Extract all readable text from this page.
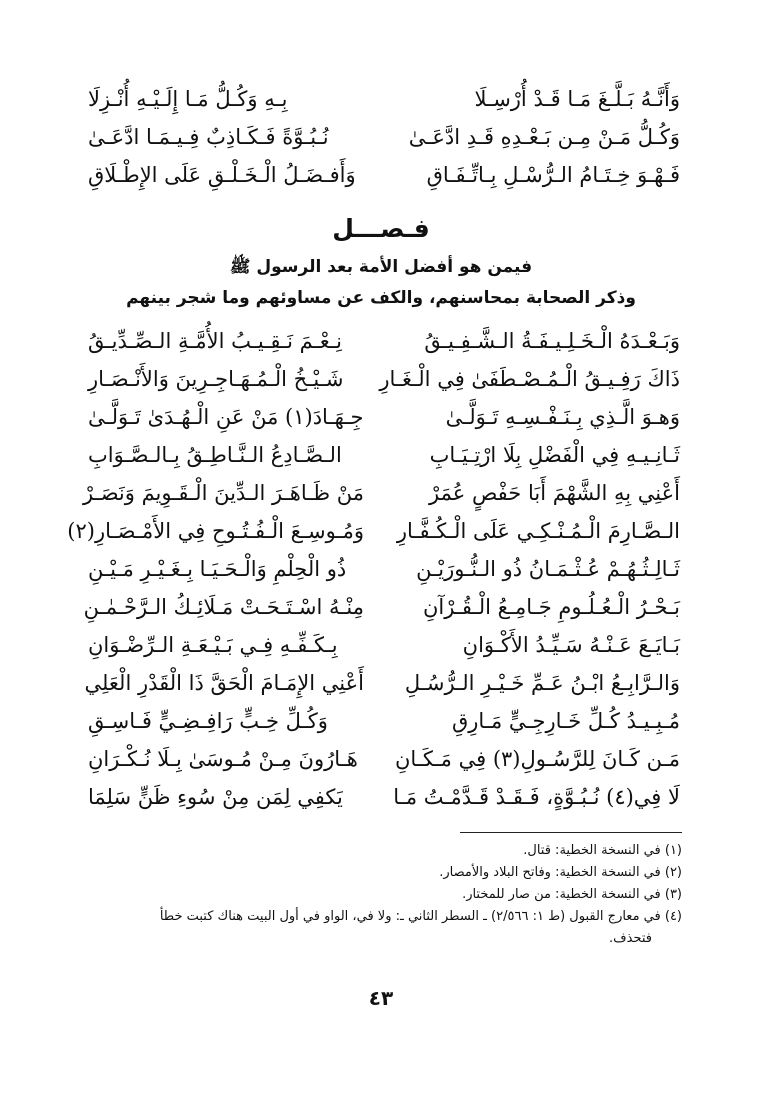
وَأَنَّـهُ بَـلَّـغَ مَـا قَـدْ أُرْسِـلَا
بِـهِ وَكُـلُّ مَـا إِلَـيْـهِ أُنْـزِلَا
وَكُـلُّ مَـنْ مِـن بَـعْـدِهِ قَـدِ ادَّعَـىٰ
نُـبُـوَّةً فَـكَـاذِبٌ فِـيـمَـا ادَّعَـىٰ
فَـهْـوَ خِـتَـامُ الـرُّسْـلِ بِـاتِّـفَـاقِ
وَأَفـضَـلُ الْـخَـلْـقِ عَلَى الإِطْـلَاقِ
فـصـــل
فيمن هو أفضل الأمة بعد الرسول ﷺ
وذكر الصحابة بمحاسنهم، والكف عن مساوئهم وما شجر بينهم
وَبَـعْـدَهُ الْـخَـلِـيـفَـةُ الـشَّـفِـيـقُ
نِـعْـمَ نَـقِـيـبُ الأُمَّـةِ الـصِّـدِّيـقُ
ذَاكَ رَفِـيـقُ الْـمُـصْـطَفَىٰ فِي الْـغَـارِ
شَـيْـخُ الْـمُـهَـاجِـرِينَ وَالأَنْـصَـارِ
وَهـوَ الَّـذِي بِـنَـفْـسِـهِ تَـوَلَّـىٰ
جِـهَـادَ(١) مَنْ عَنِ الْـهُـدَىٰ تَـوَلَّـىٰ
ثَـانِـيـهِ فِي الْفَضْلِ بِلَا ارْتِـيَـابِ
الـصَّـادِعُ الـنَّـاطِـقُ بِـالـصَّـوَابِ
أَعْنِي بِهِ الشَّهْمَ أَبَا حَفْصٍ عُمَرْ
مَنْ ظَـاهَـرَ الـدِّينَ الْـقَـوِيمَ وَنَصَـرْ
الـصَّـارِمَ الْـمُـنْـكِـي عَلَى الْـكُـفَّـارِ
وَمُـوسِـعَ الْـفُـتُـوحِ فِي الأَمْـصَـارِ(٢)
ثَـالِـثُـهُـمْ عُـثْـمَـانُ ذُو الـنُّـورَيْـنِ
ذُو الْحِلْمِ وَالْـحَـيَـا بِـغَـيْـرِ مَـيْـنِ
بَـحْـرُ الْـعُـلُـومِ جَـامِـعُ الْـقُـرْآنِ
مِنْـهُ اسْـتَـحَـتْ مَـلَائِـكُ الـرَّحْـمٰـنِ
بَـايَـعَ عَـنْـهُ سَـيِّـدُ الأَكْـوَانِ
بِـكَـفِّـهِ فِـي بَـيْـعَـةِ الـرِّضْـوَانِ
وَالـرَّابِـعُ ابْـنُ عَـمِّ خَـيْـرِ الـرُّسُـلِ
أَعْنِي الإِمَـامَ الْحَقَّ ذَا الْقَدْرِ الْعَلِي
مُـبِـيـدُ كُـلِّ خَـارِجِـيٍّ مَـارِقِ
وَكُـلِّ خِـبٍّ رَافِـضِـيٍّ فَـاسِـقِ
مَـن كَـانَ لِلرَّسُـولِ(٣) فِي مَـكَـانِ
هَـارُونَ مِـنْ مُـوسَىٰ بِـلَا نُـكْـرَانِ
لَا فِي(٤) نُـبُـوَّةٍ، فَـقَـدْ قَـدَّمْـتُ مَـا
يَكفِي لِمَن مِنْ سُوءِ ظَنٍّ سَلِمَا
(١) في النسخة الخطية: قتال.
(٢) في النسخة الخطية: وفاتح البلاد والأمصار.
(٣) في النسخة الخطية: من صار للمختار.
(٤) في معارج القبول (ط ١: ٢/٥٦٦) ـ السطر الثاني ـ: ولا في، الواو في أول البيت هناك كتبت خطأ
فتحذف.
٤٣
